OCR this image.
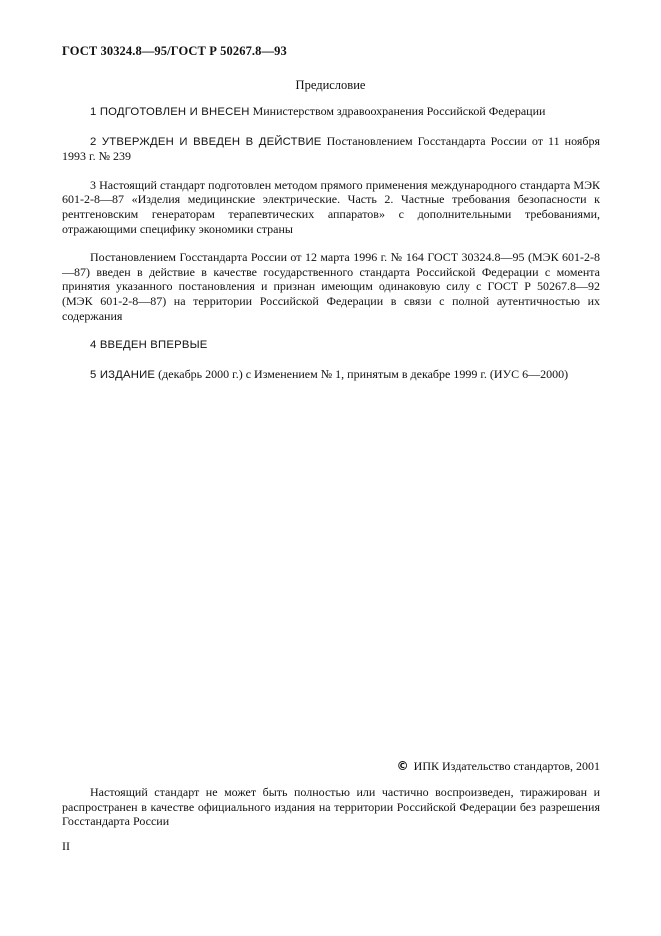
ГОСТ 30324.8—95/ГОСТ Р 50267.8—93
Предисловие

1 ПОДГОТОВЛЕН И ВНЕСЕН Министерством здравоохранения Российской Федерации

2 УТВЕРЖДЕН И ВВЕДЕН В ДЕЙСТВИЕ Постановлением Госстандарта России от 11 ноября 1993 г. № 239

3 Настоящий стандарт подготовлен методом прямого применения международного стандарта МЭК 601-2-8—87 «Изделия медицинские электрические. Часть 2. Частные требования безопасности к рентгеновским генераторам терапевтических аппаратов» с дополнительными требованиями, отражающими специфику экономики страны

Постановлением Госстандарта России от 12 марта 1996 г. № 164 ГОСТ 30324.8—95 (МЭК 601-2-8—87) введен в действие в качестве государственного стандарта Российской Федерации с момента принятия указанного постановления и признан имеющим одинаковую силу с ГОСТ Р 50267.8—92 (МЭК 601-2-8—87) на территории Российской Федерации в связи с полной аутентичностью их содержания

4 ВВЕДЕН ВПЕРВЫЕ

5 ИЗДАНИЕ (декабрь 2000 г.) с Изменением № 1, принятым в декабре 1999 г. (ИУС 6—2000)

© ИПК Издательство стандартов, 2001

Настоящий стандарт не может быть полностью или частично воспроизведен, тиражирован и распространен в качестве официального издания на территории Российской Федерации без разрешения Госстандарта России

II
